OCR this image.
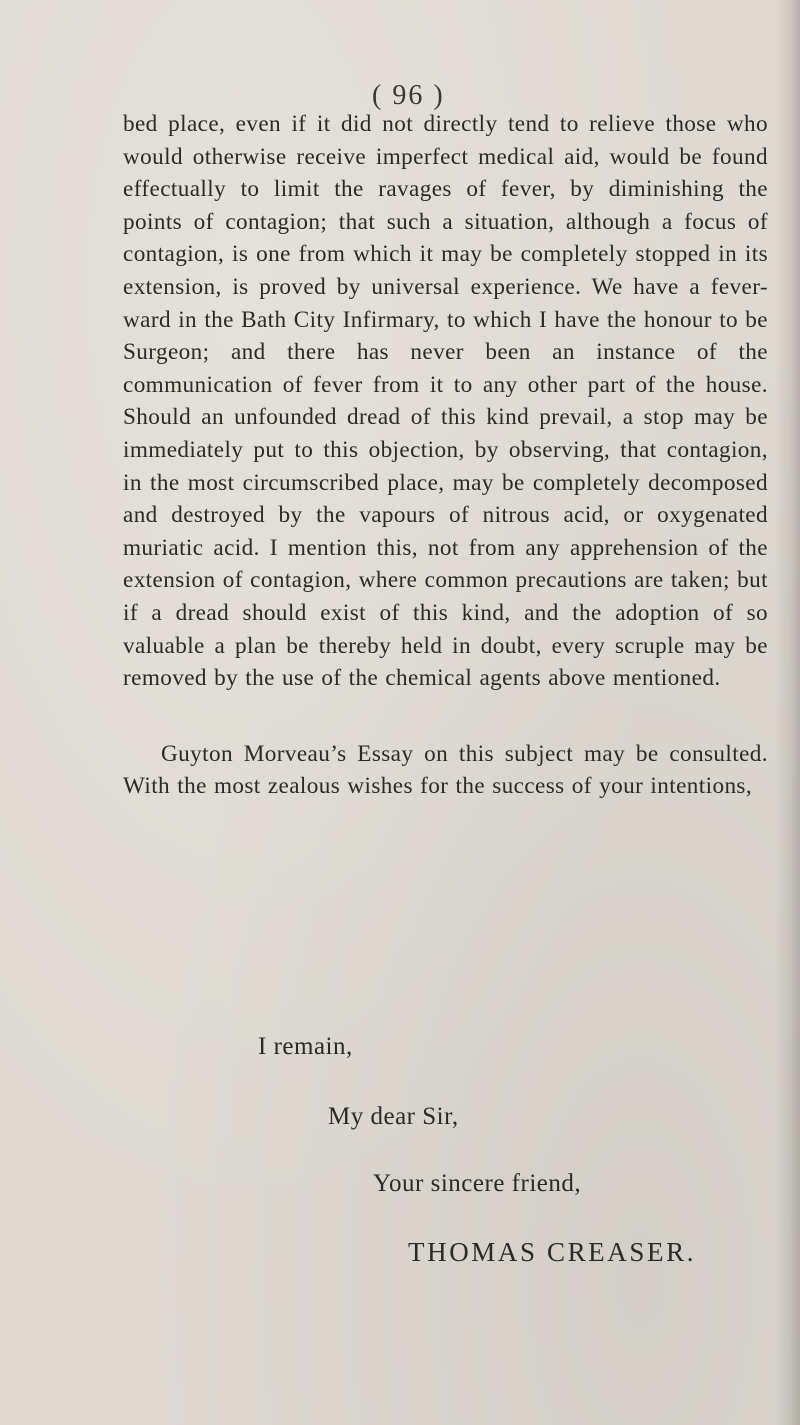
( 96 )

bed place, even if it did not directly tend to relieve those who would otherwise receive imperfect medical aid, would be found effectually to limit the ravages of fever, by diminishing the points of contagion; that such a situation, although a focus of contagion, is one from which it may be completely stopped in its extension, is proved by universal experience. We have a fever-ward in the Bath City Infirmary, to which I have the honour to be Surgeon; and there has never been an instance of the communication of fever from it to any other part of the house. Should an unfounded dread of this kind prevail, a stop may be immediately put to this objection, by observing, that contagion, in the most circumscribed place, may be completely decomposed and destroyed by the vapours of nitrous acid, or oxygenated muriatic acid. I mention this, not from any apprehension of the extension of contagion, where common precautions are taken; but if a dread should exist of this kind, and the adoption of so valuable a plan be thereby held in doubt, every scruple may be removed by the use of the chemical agents above mentioned.

Guyton Morveau’s Essay on this subject may be consulted. With the most zealous wishes for the success of your intentions,

I remain,
My dear Sir,
Your sincere friend,
THOMAS CREASER.
